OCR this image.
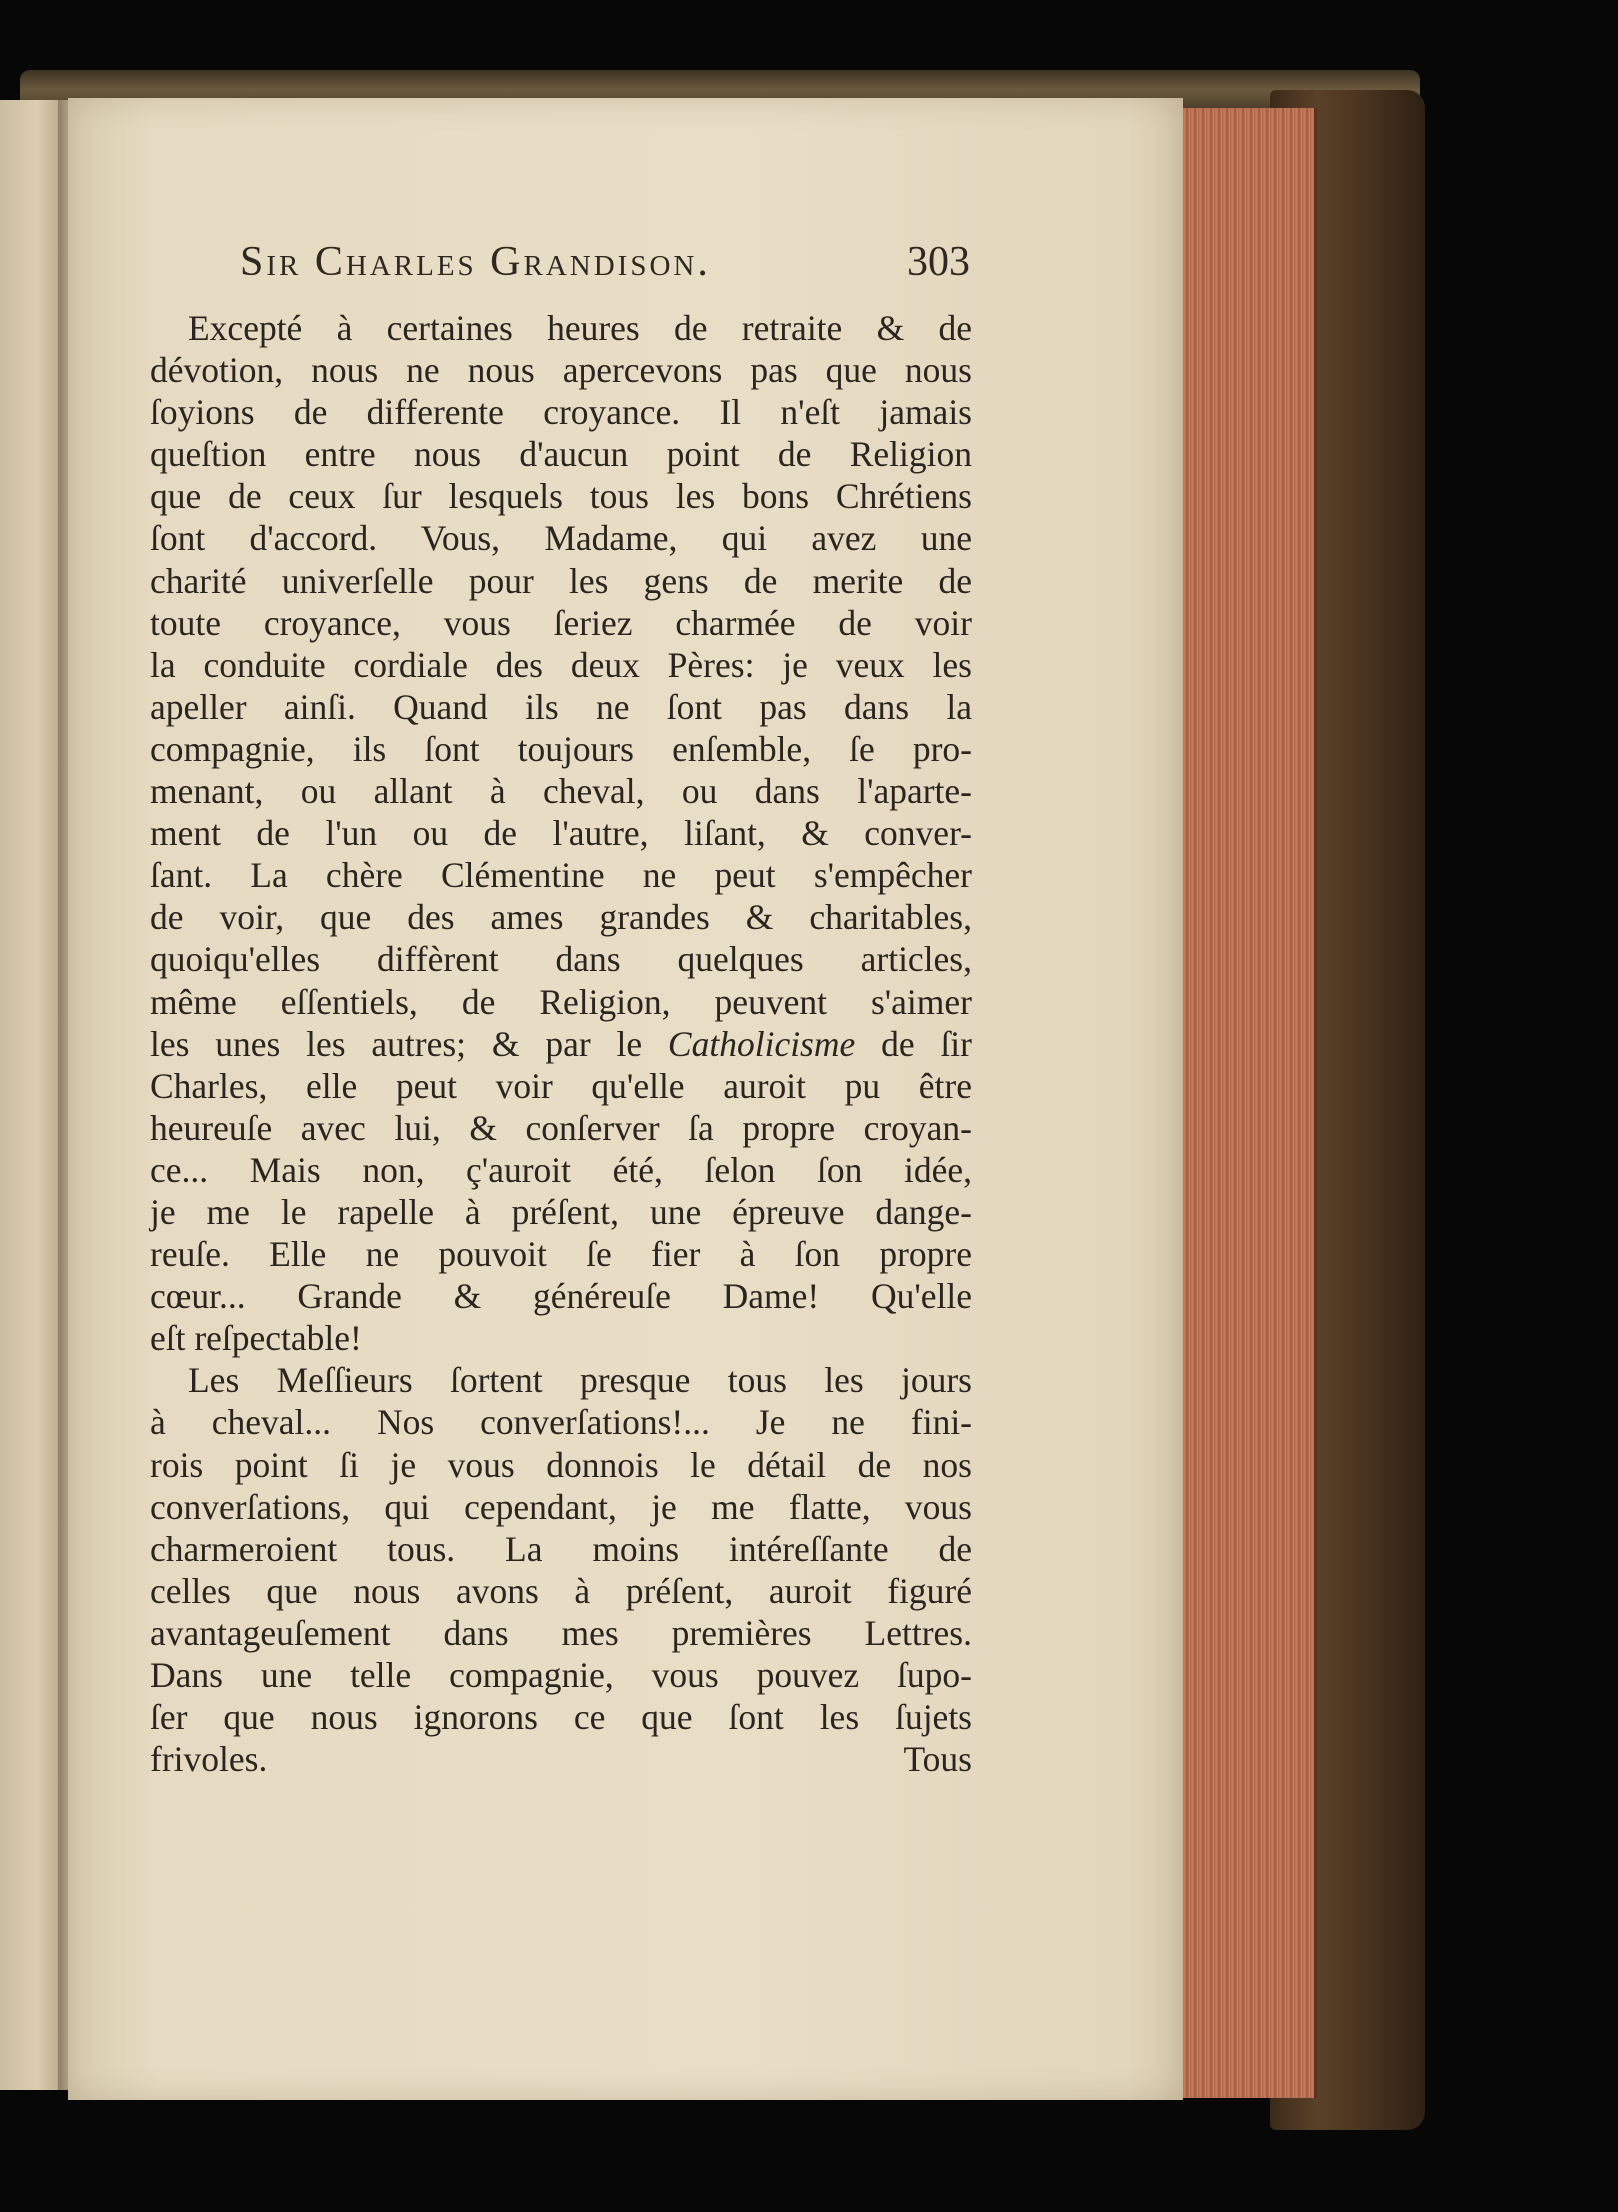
Sir Charles Grandison.	303
Excepté à certaines heures de retraite & de
dévotion, nous ne nous apercevons pas que nous
ſoyions de differente croyance. Il n'eſt jamais
queſtion entre nous d'aucun point de Religion
que de ceux ſur lesquels tous les bons Chrétiens
ſont d'accord. Vous, Madame, qui avez une
charité univerſelle pour les gens de merite de
toute croyance, vous ſeriez charmée de voir
la conduite cordiale des deux Pères: je veux les
apeller ainſi. Quand ils ne ſont pas dans la
compagnie, ils ſont toujours enſemble, ſe pro-
menant, ou allant à cheval, ou dans l'aparte-
ment de l'un ou de l'autre, liſant, & conver-
ſant. La chère Clémentine ne peut s'empêcher
de voir, que des ames grandes & charitables,
quoiqu'elles diffèrent dans quelques articles,
même eſſentiels, de Religion, peuvent s'aimer
les unes les autres; & par le Catholicisme de ſir
Charles, elle peut voir qu'elle auroit pu être
heureuſe avec lui, & conſerver ſa propre croyan-
ce... Mais non, ç'auroit été, ſelon ſon idée,
je me le rapelle à préſent, une épreuve dange-
reuſe. Elle ne pouvoit ſe fier à ſon propre
cœur... Grande & généreuſe Dame! Qu'elle
eſt reſpectable!
Les Meſſieurs ſortent presque tous les jours
à cheval... Nos converſations!... Je ne fini-
rois point ſi je vous donnois le détail de nos
converſations, qui cependant, je me flatte, vous
charmeroient tous. La moins intéreſſante de
celles que nous avons à préſent, auroit figuré
avantageuſement dans mes premières Lettres.
Dans une telle compagnie, vous pouvez ſupo-
ſer que nous ignorons ce que ſont les ſujets
frivoles.	Tous
